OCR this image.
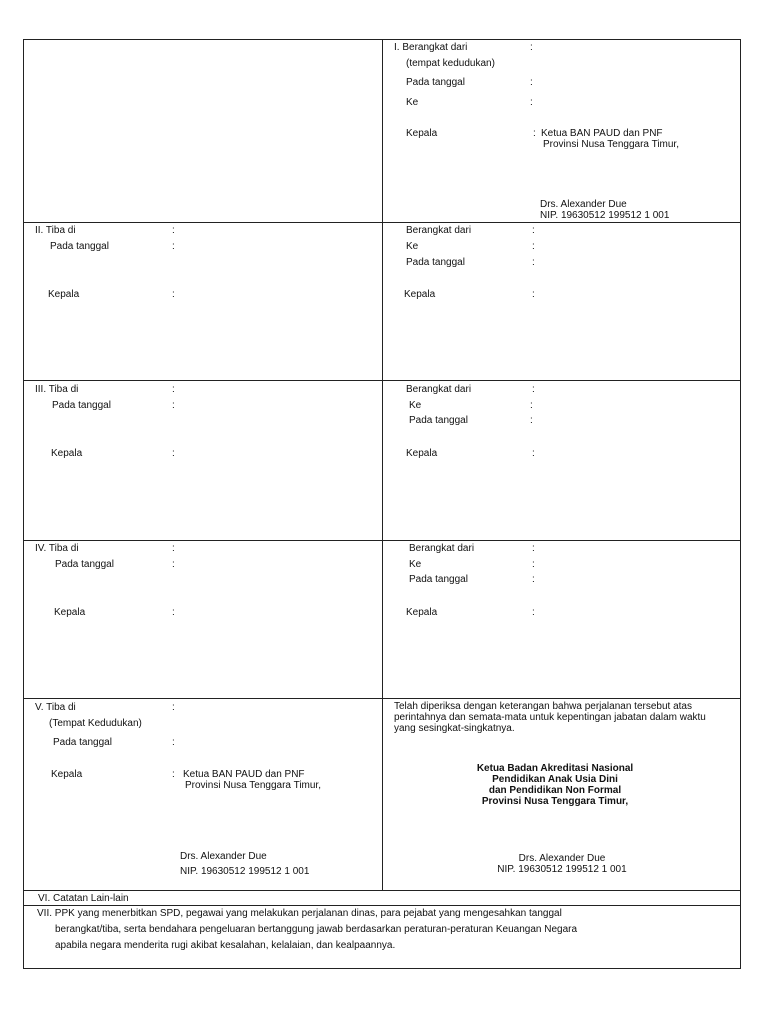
I. Berangkat dari	:
(tempat kedudukan)
Pada tanggal	:
Ke	:
Kepala	: Ketua BAN PAUD dan PNF
Provinsi Nusa Tenggara Timur,
Drs. Alexander Due
NIP. 19630512 199512 1 001
II. Tiba di	:
Pada tanggal	:
Kepala	:
Berangkat dari	:
Ke	:
Pada tanggal	:
Kepala	:
III. Tiba di	:
Pada tanggal	:
Kepala	:
Berangkat dari	:
Ke	:
Pada tanggal	:
Kepala	:
IV. Tiba di	:
Pada tanggal	:
Kepala	:
Berangkat dari	:
Ke	:
Pada tanggal	:
Kepala	:
V. Tiba di	:
(Tempat Kedudukan)
Pada tanggal	:
Kepala	: Ketua BAN PAUD dan PNF
Provinsi Nusa Tenggara Timur,
Drs. Alexander Due
NIP. 19630512 199512 1 001
Telah diperiksa dengan keterangan bahwa perjalanan tersebut atas
perintahnya dan semata-mata untuk kepentingan jabatan dalam waktu
yang sesingkat-singkatnya.
Ketua Badan Akreditasi Nasional
Pendidikan Anak Usia Dini
dan Pendidikan Non Formal
Provinsi Nusa Tenggara Timur,
Drs. Alexander Due
NIP. 19630512 199512 1 001
VI. Catatan Lain-lain
VII. PPK yang menerbitkan SPD, pegawai yang melakukan perjalanan dinas, para pejabat yang mengesahkan tanggal
berangkat/tiba, serta bendahara pengeluaran bertanggung jawab berdasarkan peraturan-peraturan Keuangan Negara
apabila negara menderita rugi akibat kesalahan, kelalaian, dan kealpaannya.
